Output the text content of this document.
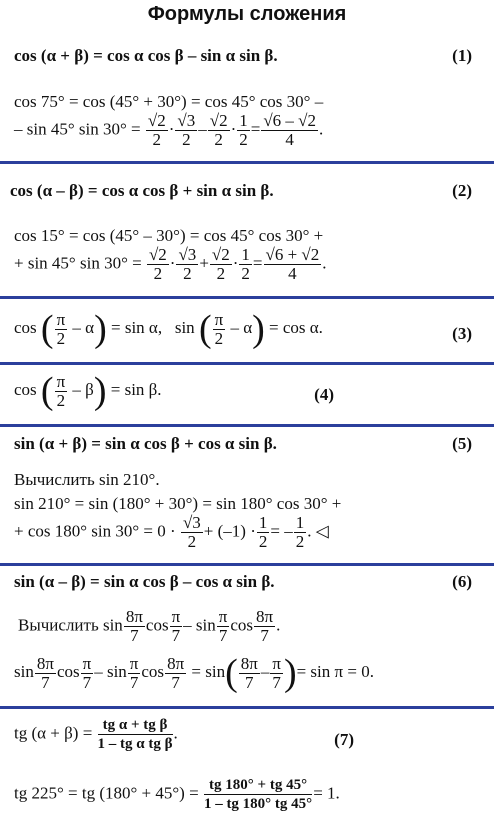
Формулы сложения
cos (α + β) = cos α cos β – sin α sin β.	(1)
cos 75° = cos (45° + 30°) = cos 45° cos 30° –
– sin 45° $\sin 30^\circ = \frac{√2}{2} \cdot \frac{√3}{2} - \frac{√2}{2} \cdot \frac{1}{2} = \frac{√6 - √2}{4}$ .
cos (α – β) = cos α cos β + sin α sin β.	(2)
cos 15° = cos (45° – 30°) = cos 45° cos 30° +
+ sin 45° $\sin 30^\circ = \frac{√2}{2} \cdot \frac{√3}{2} + \frac{√2}{2} \cdot \frac{1}{2} = \frac{√6 + √2}{4}$ .
cos ( $\frac{\pi}{2} - \alpha) = \sin \alpha$, sin ( $\frac{\pi}{2} - \alpha) = \cos \alpha$.	(3)
cos ( $\frac{\pi}{2} - \beta) = \sin \beta$.	(4)
sin (α + β) = sin α cos β + cos α sin β.	(5)
Вычислить sin 210°.
sin 210° = sin (180° + 30°) = sin 180° cos 30° +
+ cos 180° $\sin 30^\circ = 0 \cdot \frac{√3}{2} + (-1) \cdot \frac{1}{2}$ = – $\frac{1}{2}$ . ◁
sin (α – β) = sin α cos β – cos α sin β.	(6)
Вычислить $\sin \frac{8\pi}{7}$ $\cos \frac{\pi}{7}$ – $\sin \frac{\pi}{7}$ $\cos \frac{8\pi}{7}$ .
$\sin \frac{8\pi}{7}$ $\cos \frac{\pi}{7}$ – $\sin \frac{\pi}{7}$ $\cos \frac{8\pi}{7} = \sin( \frac{8\pi}{7} - \frac{\pi}{7}$ )= sin π = 0.
tg $(\alpha + \beta) = \frac{\text{tg α + tg β}}{\text{1 – tg α tg β}}$ .	(7)
tg 225° = tg $(180^\circ + 45^\circ) = \frac{tg 180^\circ + tg 45^\circ}{1 - tg 180^\circ tg 45^\circ} = 1$.
